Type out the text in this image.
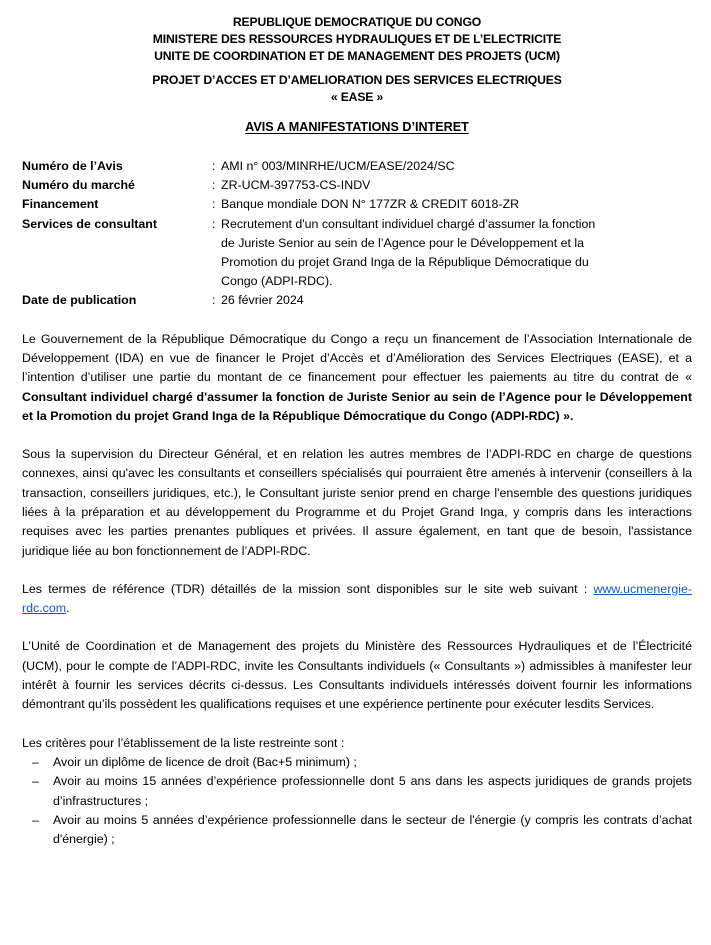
REPUBLIQUE DEMOCRATIQUE DU CONGO
MINISTERE DES RESSOURCES HYDRAULIQUES ET DE L’ELECTRICITE
UNITE DE COORDINATION ET DE MANAGEMENT DES PROJETS (UCM)
PROJET D’ACCES ET D’AMELIORATION DES SERVICES ELECTRIQUES
« EASE »
AVIS A MANIFESTATIONS D’INTERET
Numéro de l’Avis	:	AMI n° 003/MINRHE/UCM/EASE/2024/SC
Numéro du marché	:	ZR-UCM-397753-CS-INDV
Financement	:	Banque mondiale DON N° 177ZR & CREDIT 6018-ZR
Services de consultant	:	Recrutement d'un consultant individuel chargé d’assumer la fonction
de Juriste Senior au sein de l’Agence pour le Développement et la
Promotion du projet Grand Inga de la République Démocratique du
Congo (ADPI-RDC).

Date de publication	:	26 février 2024

Le Gouvernement de la République Démocratique du Congo a reçu un financement de l’Association Internationale de Développement (IDA) en vue de financer le Projet d’Accès et d’Amélioration des Services Electriques (EASE), et a l’intention d’utiliser une partie du montant de ce financement pour effectuer les paiements au titre du contrat de « Consultant individuel chargé d'assumer la fonction de Juriste Senior au sein de l’Agence pour le Développement et la Promotion du projet Grand Inga de la République Démocratique du Congo (ADPI-RDC) ».

Sous la supervision du Directeur Général, et en relation les autres membres de l’ADPI-RDC en charge de questions connexes, ainsi qu'avec les consultants et conseillers spécialisés qui pourraient être amenés à intervenir (conseillers à la transaction, conseillers juridiques, etc.), le Consultant juriste senior prend en charge l'ensemble des questions juridiques liées à la préparation et au développement du Programme et du Projet Grand Inga, y compris dans les interactions requises avec les parties prenantes publiques et privées. Il assure également, en tant que de besoin, l'assistance juridique liée au bon fonctionnement de l’ADPI-RDC.

Les termes de référence (TDR) détaillés de la mission sont disponibles sur le site web suivant : www.ucmenergie-rdc.com.

L’Unité de Coordination et de Management des projets du Ministère des Ressources Hydrauliques et de l’Électricité (UCM), pour le compte de l’ADPI-RDC, invite les Consultants individuels (« Consultants ») admissibles à manifester leur intérêt à fournir les services décrits ci-dessus. Les Consultants individuels intéressés doivent fournir les informations démontrant qu’ils possèdent les qualifications requises et une expérience pertinente pour exécuter lesdits Services.

Les critères pour l’établissement de la liste restreinte sont :

– Avoir un diplôme de licence de droit (Bac+5 minimum) ;
– Avoir au moins 15 années d’expérience professionnelle dont 5 ans dans les aspects juridiques de grands projets d’infrastructures ;
– Avoir au moins 5 années d’expérience professionnelle dans le secteur de l'énergie (y compris les contrats d’achat d'énergie) ;
